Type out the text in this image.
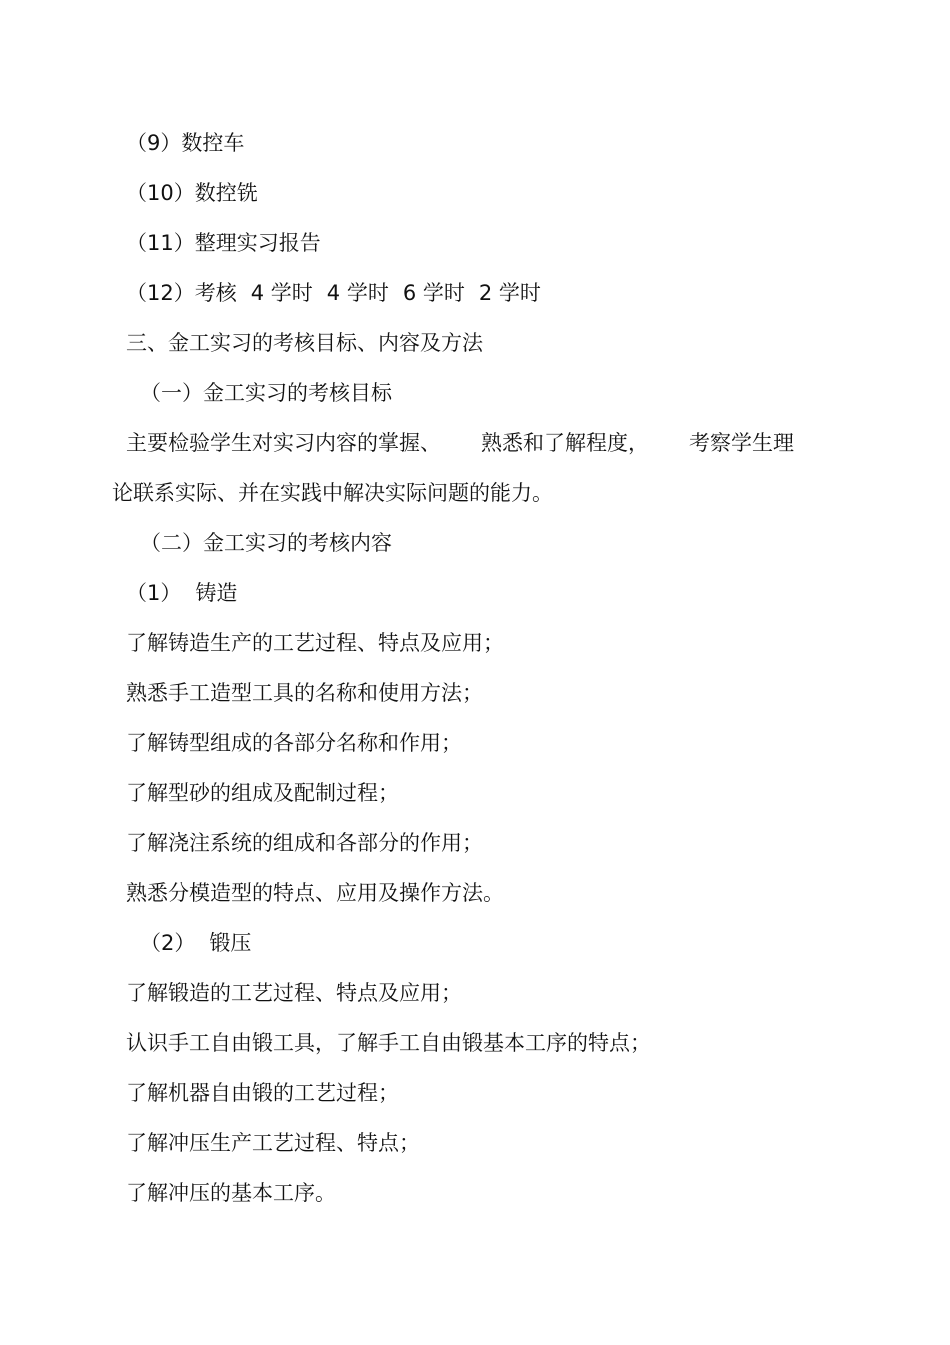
（9）数控车
（10）数控铣
（11）整理实习报告
（12）考核 4 学时 4 学时 6 学时 2 学时
三、金工实习的考核目标、内容及方法
（一）金工实习的考核目标
主要检验学生对实习内容的掌握、 熟悉和了解程度， 考察学生理
论联系实际、并在实践中解决实际问题的能力。
（二）金工实习的考核内容
（1） 铸造
了解铸造生产的工艺过程、特点及应用；
熟悉手工造型工具的名称和使用方法；
了解铸型组成的各部分名称和作用；
了解型砂的组成及配制过程；
了解浇注系统的组成和各部分的作用；
熟悉分模造型的特点、应用及操作方法。
（2） 锻压
了解锻造的工艺过程、特点及应用；
认识手工自由锻工具，了解手工自由锻基本工序的特点；
了解机器自由锻的工艺过程；
了解冲压生产工艺过程、特点；
了解冲压的基本工序。
